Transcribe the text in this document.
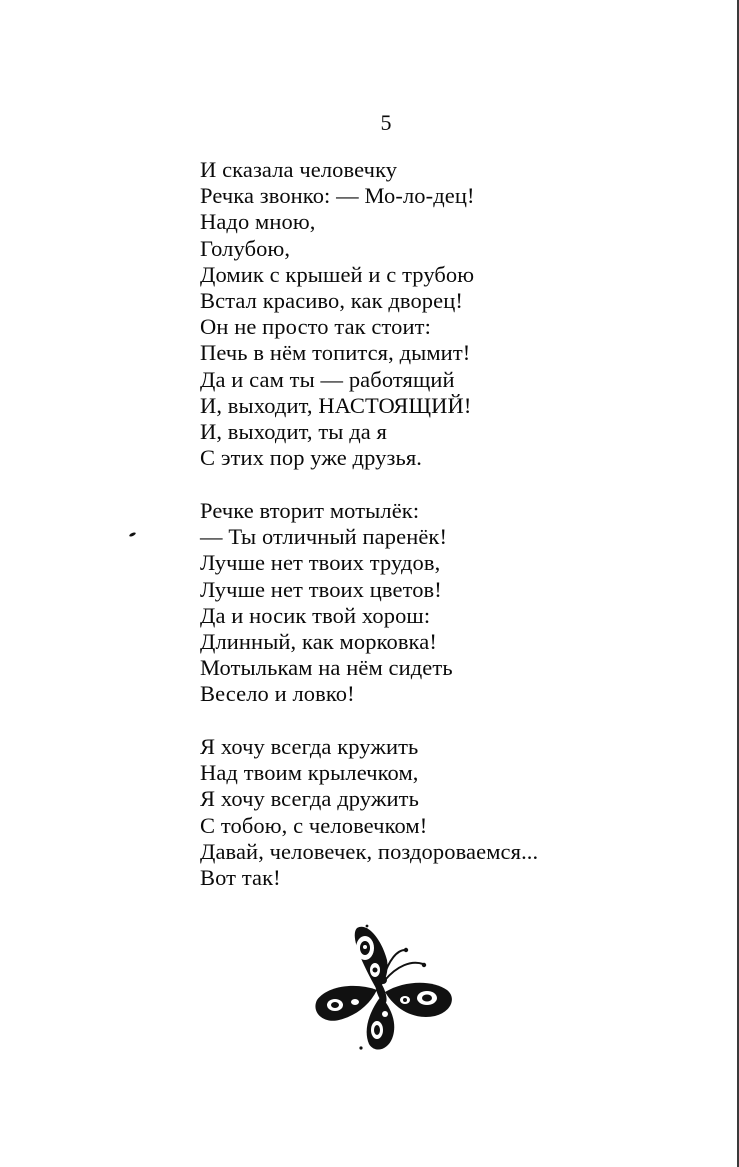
5
И сказала человечку
Речка звонко: — Мо-ло-дец!
Надо мною,
Голубою,
Домик с крышей и с трубою
Встал красиво, как дворец!
Он не просто так стоит:
Печь в нём топится, дымит!
Да и сам ты — работящий
И, выходит, НАСТОЯЩИЙ!
И, выходит, ты да я
С этих пор уже друзья.
Речке вторит мотылёк:
— Ты отличный паренёк!
Лучше нет твоих трудов,
Лучше нет твоих цветов!
Да и носик твой хорош:
Длинный, как морковка!
Мотылькам на нём сидеть
Весело и ловко!
Я хочу всегда кружить
Над твоим крылечком,
Я хочу всегда дружить
С тобою, с человечком!
Давай, человечек, поздороваемся...
Вот так!
